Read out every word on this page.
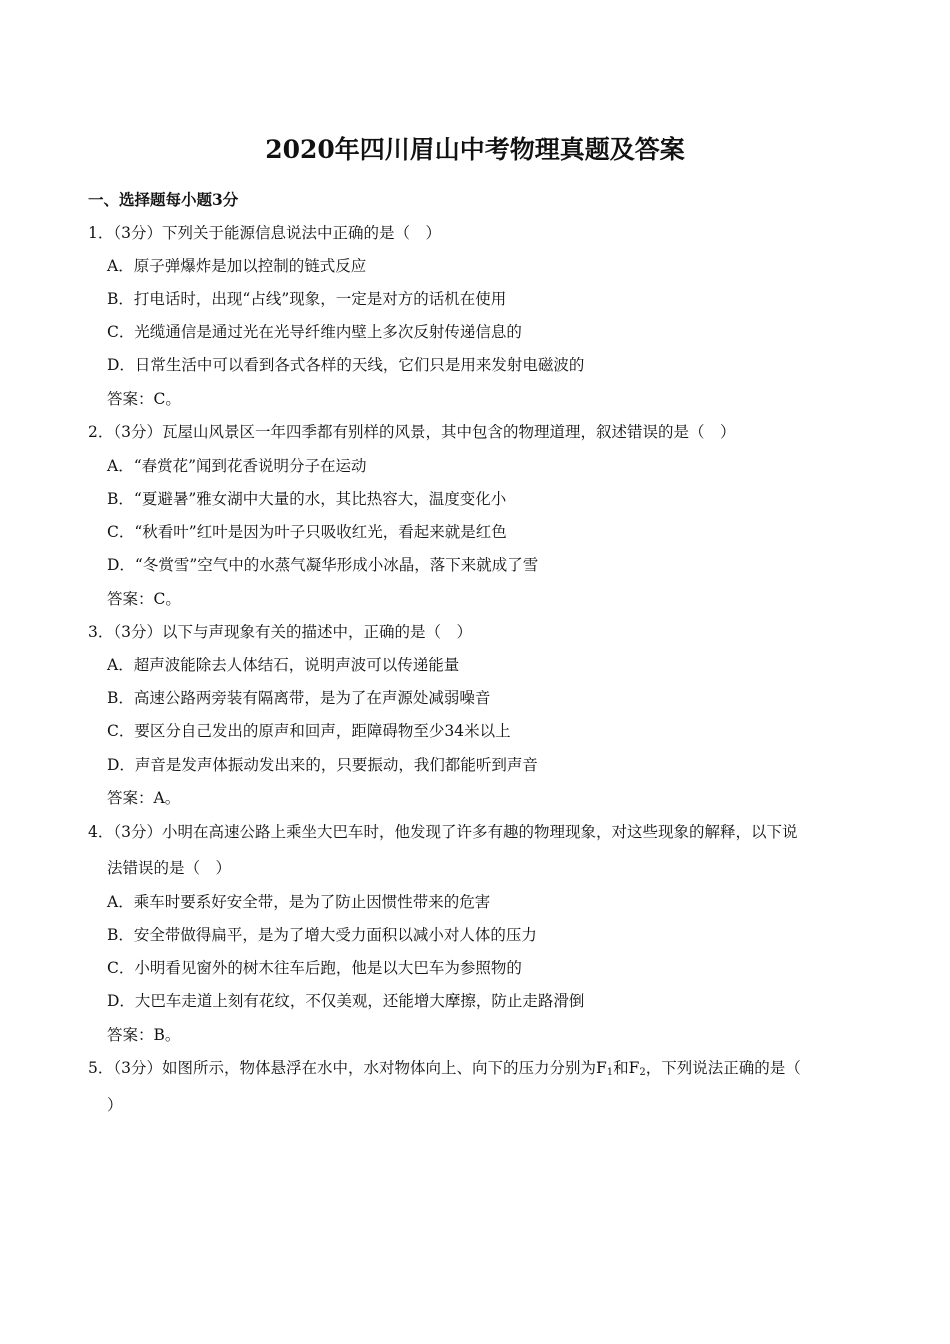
2020年四川眉山中考物理真题及答案
一、选择题每小题3分
1．（3分）下列关于能源信息说法中正确的是（　）
A．原子弹爆炸是加以控制的链式反应
B．打电话时，出现“占线”现象，一定是对方的话机在使用
C．光缆通信是通过光在光导纤维内壁上多次反射传递信息的
D．日常生活中可以看到各式各样的天线，它们只是用来发射电磁波的
答案：C。
2．（3分）瓦屋山风景区一年四季都有别样的风景，其中包含的物理道理，叙述错误的是（　）
A．“春赏花”闻到花香说明分子在运动
B．“夏避暑”雅女湖中大量的水，其比热容大，温度变化小
C．“秋看叶”红叶是因为叶子只吸收红光，看起来就是红色
D．“冬赏雪”空气中的水蒸气凝华形成小冰晶，落下来就成了雪
答案：C。
3．（3分）以下与声现象有关的描述中，正确的是（　）
A．超声波能除去人体结石，说明声波可以传递能量
B．高速公路两旁装有隔离带，是为了在声源处减弱噪音
C．要区分自己发出的原声和回声，距障碍物至少34米以上
D．声音是发声体振动发出来的，只要振动，我们都能听到声音
答案：A。
4．（3分）小明在高速公路上乘坐大巴车时，他发现了许多有趣的物理现象，对这些现象的解释，以下说
法错误的是（　）
A．乘车时要系好安全带，是为了防止因惯性带来的危害
B．安全带做得扁平，是为了增大受力面积以减小对人体的压力
C．小明看见窗外的树木往车后跑，他是以大巴车为参照物的
D．大巴车走道上刻有花纹，不仅美观，还能增大摩擦，防止走路滑倒
答案：B。
5．（3分）如图所示，物体悬浮在水中，水对物体向上、向下的压力分别为$F_1$和$F_2$，下列说法正确的是（
）
